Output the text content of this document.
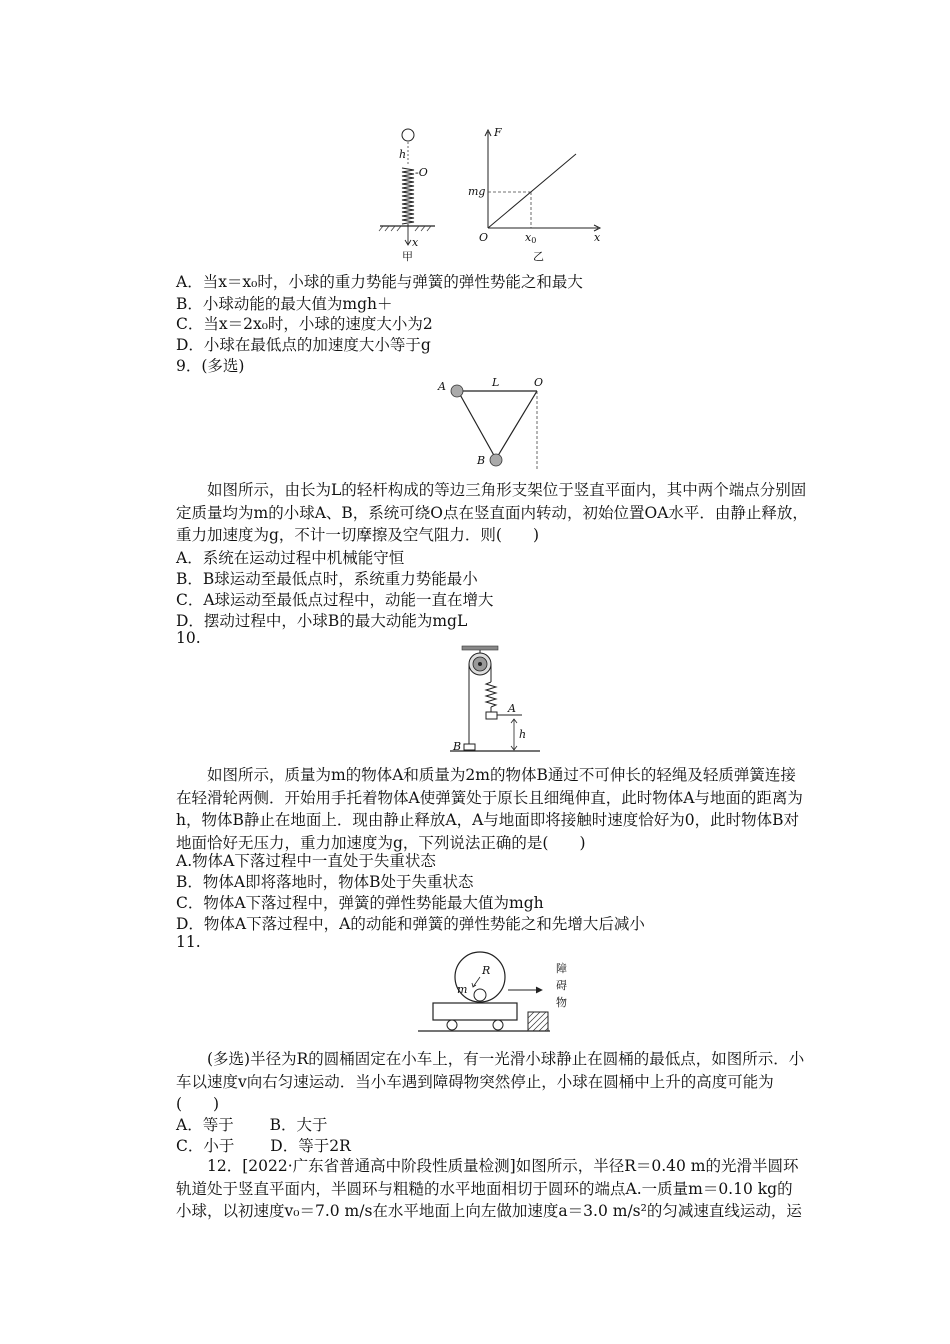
h
-O
x
甲
F
mg
O	x0	x
乙
A．当x＝x₀时，小球的重力势能与弹簧的弹性势能之和最大
B．小球动能的最大值为mgh＋
C．当x＝2x₀时，小球的速度大小为2
D．小球在最低点的加速度大小等于g
9．(多选)
A	L	O
B
如图所示，由长为L的轻杆构成的等边三角形支架位于竖直平面内，其中两个端点分别固定质量均为m的小球A、B，系统可绕O点在竖直面内转动，初始位置OA水平．由静止释放，重力加速度为g，不计一切摩擦及空气阻力．则(　　)
A．系统在运动过程中机械能守恒
B．B球运动至最低点时，系统重力势能最小
C．A球运动至最低点过程中，动能一直在增大
D．摆动过程中，小球B的最大动能为mgL
10.
A
h
B
如图所示，质量为m的物体A和质量为2m的物体B通过不可伸长的轻绳及轻质弹簧连接在轻滑轮两侧．开始用手托着物体A使弹簧处于原长且细绳伸直，此时物体A与地面的距离为h，物体B静止在地面上．现由静止释放A，A与地面即将接触时速度恰好为0，此时物体B对地面恰好无压力，重力加速度为g，下列说法正确的是(　　)
A.物体A下落过程中一直处于失重状态
B．物体A即将落地时，物体B处于失重状态
C．物体A下落过程中，弹簧的弹性势能最大值为mgh
D．物体A下落过程中，A的动能和弹簧的弹性势能之和先增大后减小
11.
R
m
障
碍
物
(多选)半径为R的圆桶固定在小车上，有一光滑小球静止在圆桶的最低点，如图所示．小车以速度v向右匀速运动．当小车遇到障碍物突然停止，小球在圆桶中上升的高度可能为(　　)
A．等于　　 B．大于
C．小于　　 D．等于2R
12．[2022·广东省普通高中阶段性质量检测]如图所示，半径R＝0.40 m的光滑半圆环轨道处于竖直平面内，半圆环与粗糙的水平地面相切于圆环的端点A.一质量m＝0.10 kg的小球，以初速度v₀＝7.0 m/s在水平地面上向左做加速度a＝3.0 m/s²的匀减速直线运动，运
